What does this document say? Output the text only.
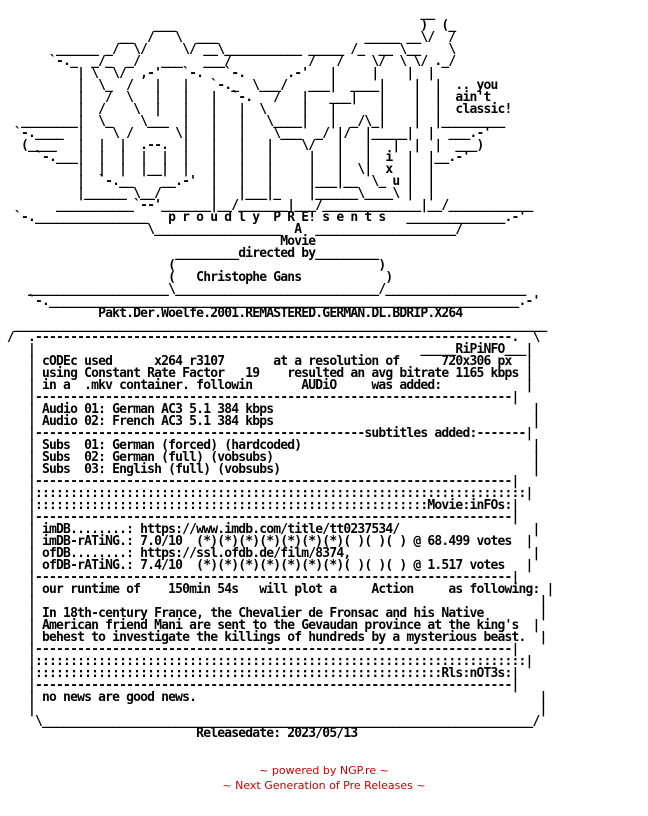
__
___                                   )  (_
__  /   \  ___                     _____ __\/  /
______ _/  \/     \/ __\___________ _____ /_  __ \__    \
`-._  _/_  _/   ___   ___/           /   /    \/  \ \/ ._/
| \  \/  ,-'   `-.   `-.      .-'   |     |    |  |
|  \_  /   |   |   `-._  \___/   ___|  ____|    |  |  .. you
|   /  \   |   |   |  `-.   /   |   ___|   |    |  |  ain't
|  /    \  |   |   |   |  \     |   |      |    |  |  classic!
________|  \_    \___  |   |   |   \____|   |  _/\_|    |  |_________
`-.____  |    \ /      \|   |   |    \___  _/ |/  |_____|  |  ___.-'
(____   |  |  |  .--.  |   |   |   |    \/   |   |   |  |  |  ___)
`-.___|  |  |  |  |  |   |   |   |     |   |   |  i  |  |__.-'
|  |  |  |__|  |   |   |   |     |   |  \|  x  |  |
|  `-.__    __.-'  |   |   |     |___|__  \_ u |  |
|______ \__/       |   |___|_    |______\____\ |  |
___________`--'_______|__/_______|___/______________|__/____________
`-.________________   p r o u d l y  P R E! s e n t s   ______________.-'
\__________________  A  ____________________/
Movie
_________directed by_________
(                             )
(   Christophe Gans            )
____________________\_____________________________/____________________
`-.___________________________________________________________________.-'
Pakt.Der.Woelfe.2001.REMASTERED.GERMAN.DL.BDRIP.X264
____________________________________________________________________________
/  .--------------------------------------------------------------------.  \
|                                                       _____RiPiNFO___|
| cODEc used      x264 r3107       at a resolution of      720x306 px  |
| using Constant Rate Factor   19    resulted an avg bitrate 1165 kbps |
| in a  .mkv container. followin       AUDiO     was added:            |
|--------------------------------------------------------------------|
| Audio 01: German AC3 5.1 384 kbps                                     |
| Audio 02: French AC3 5.1 384 kbps                                     |
|-----------------------------------------------subtitles added:-------|
| Subs  01: German (forced) (hardcoded)                                 |
| Subs  02: German (full) (vobsubs)                                     |
| Subs  03: English (full) (vobsubs)                                    |
|--------------------------------------------------------------------|
|::::::::::::::::::::::::::::::::::::::::::::::::::::::::::::::::::::::|
|::::::::::::::::::::::::::::::::::::::::::::::::::::::::Movie:inFOs:|
|--------------------------------------------------------------------|
| imDB........: https://www.imdb.com/title/tt0237534/                   |
| imDB-rATiNG.: 7.0/10  (*)(*)(*)(*)(*)(*)(*)( )( )( ) @ 68.499 votes  |
| ofDB........: https://ssl.ofdb.de/film/8374,                          |
| ofDB-rATiNG.: 7.4/10  (*)(*)(*)(*)(*)(*)(*)( )( )( ) @ 1.517 votes   |
|--------------------------------------------------------------------|
| our runtime of    150min 54s   will plot a     Action     as following: |
|                                                                        |
| In 18th-century France, the Chevalier de Fronsac and his Native        |
| American friend Mani are sent to the Gevaudan province at the king's  |
| behest to investigate the killings of hundreds by a mysterious beast.  |
|--------------------------------------------------------------------|
|::::::::::::::::::::::::::::::::::::::::::::::::::::::::::::::::::::::|
|::::::::::::::::::::::::::::::::::::::::::::::::::::::::::Rls:nOT3s:|
|--------------------------------------------------------------------|
| no news are good news.                                                 |
|                                                                        |
\______________________________________________________________________/
Releasedate: 2023/05/13
~ powered by NGP.re ~
~ Next Generation of Pre Releases ~
